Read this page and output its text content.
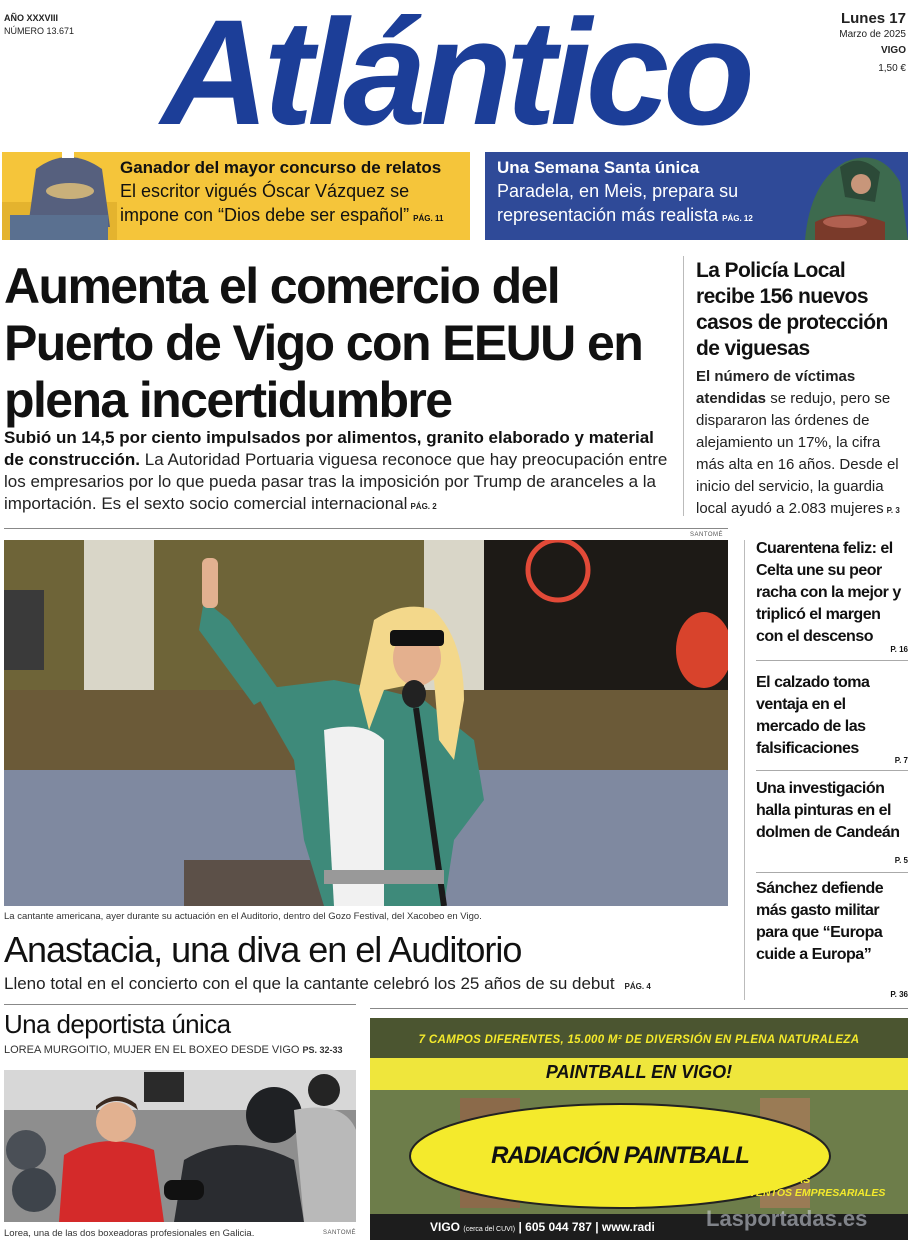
AÑO XXXVIII
NÚMERO 13.671 Atlántico	Lunes 17
Marzo de 2025
VIGO
1,50 €
Ganador del mayor concurso de relatos
El escritor vigués Óscar Vázquez se impone con “Dios debe ser español” PÁG. 11
Una Semana Santa única
Paradela, en Meis, prepara su representación más realista PÁG. 12
Aumenta el comercio del Puerto de Vigo con EEUU en plena incertidumbre

Subió un 14,5 por ciento impulsados por alimentos, granito elaborado y material de construcción. La Autoridad Portuaria viguesa reconoce que hay preocupación entre los empresarios por lo que pueda pasar tras la imposición por Trump de aranceles a la importación. Es el sexto socio comercial internacional PÁG. 2

La Policía Local recibe 156 nuevos casos de protección de viguesas

El número de víctimas atendidas se redujo, pero se dispararon las órdenes de alejamiento un 17%, la cifra más alta en 16 años. Desde el inicio del servicio, la guardia local ayudó a 2.083 mujeres P. 3

SANTOMÉ
La cantante americana, ayer durante su actuación en el Auditorio, dentro del Gozo Festival, del Xacobeo en Vigo.
Anastacia, una diva en el Auditorio

Lleno total en el concierto con el que la cantante celebró los 25 años de su debut PÁG. 4

Cuarentena feliz: el Celta une su peor racha con la mejor y triplicó el margen con el descenso
P. 16
El calzado toma ventaja en el mercado de las falsificaciones
P. 7
Una investigación halla pinturas en el dolmen de Candeán
P. 5
Sánchez defiende más gasto militar para que “Europa cuide a Europa”
P. 36
Una deportista única

LOREA MURGOITIO, MUJER EN EL BOXEO DESDE VIGO PS. 32-33

Lorea, una de las dos boxeadoras profesionales en Galicia.	SANTOMÉ
7 CAMPOS DIFERENTES, 15.000 M² DE DIVERSIÓN EN PLENA NATURALEZA
PAINTBALL EN VIGO!
RADIACIÓN PAINTBALL
INFANTIL
CUMPLEAÑOS
DESPEDIDAS
EVENTOS EMPRESARIALES
VIGO (cerca del CUVI) | 605 044 787 | www.radi	Lasportadas.es
